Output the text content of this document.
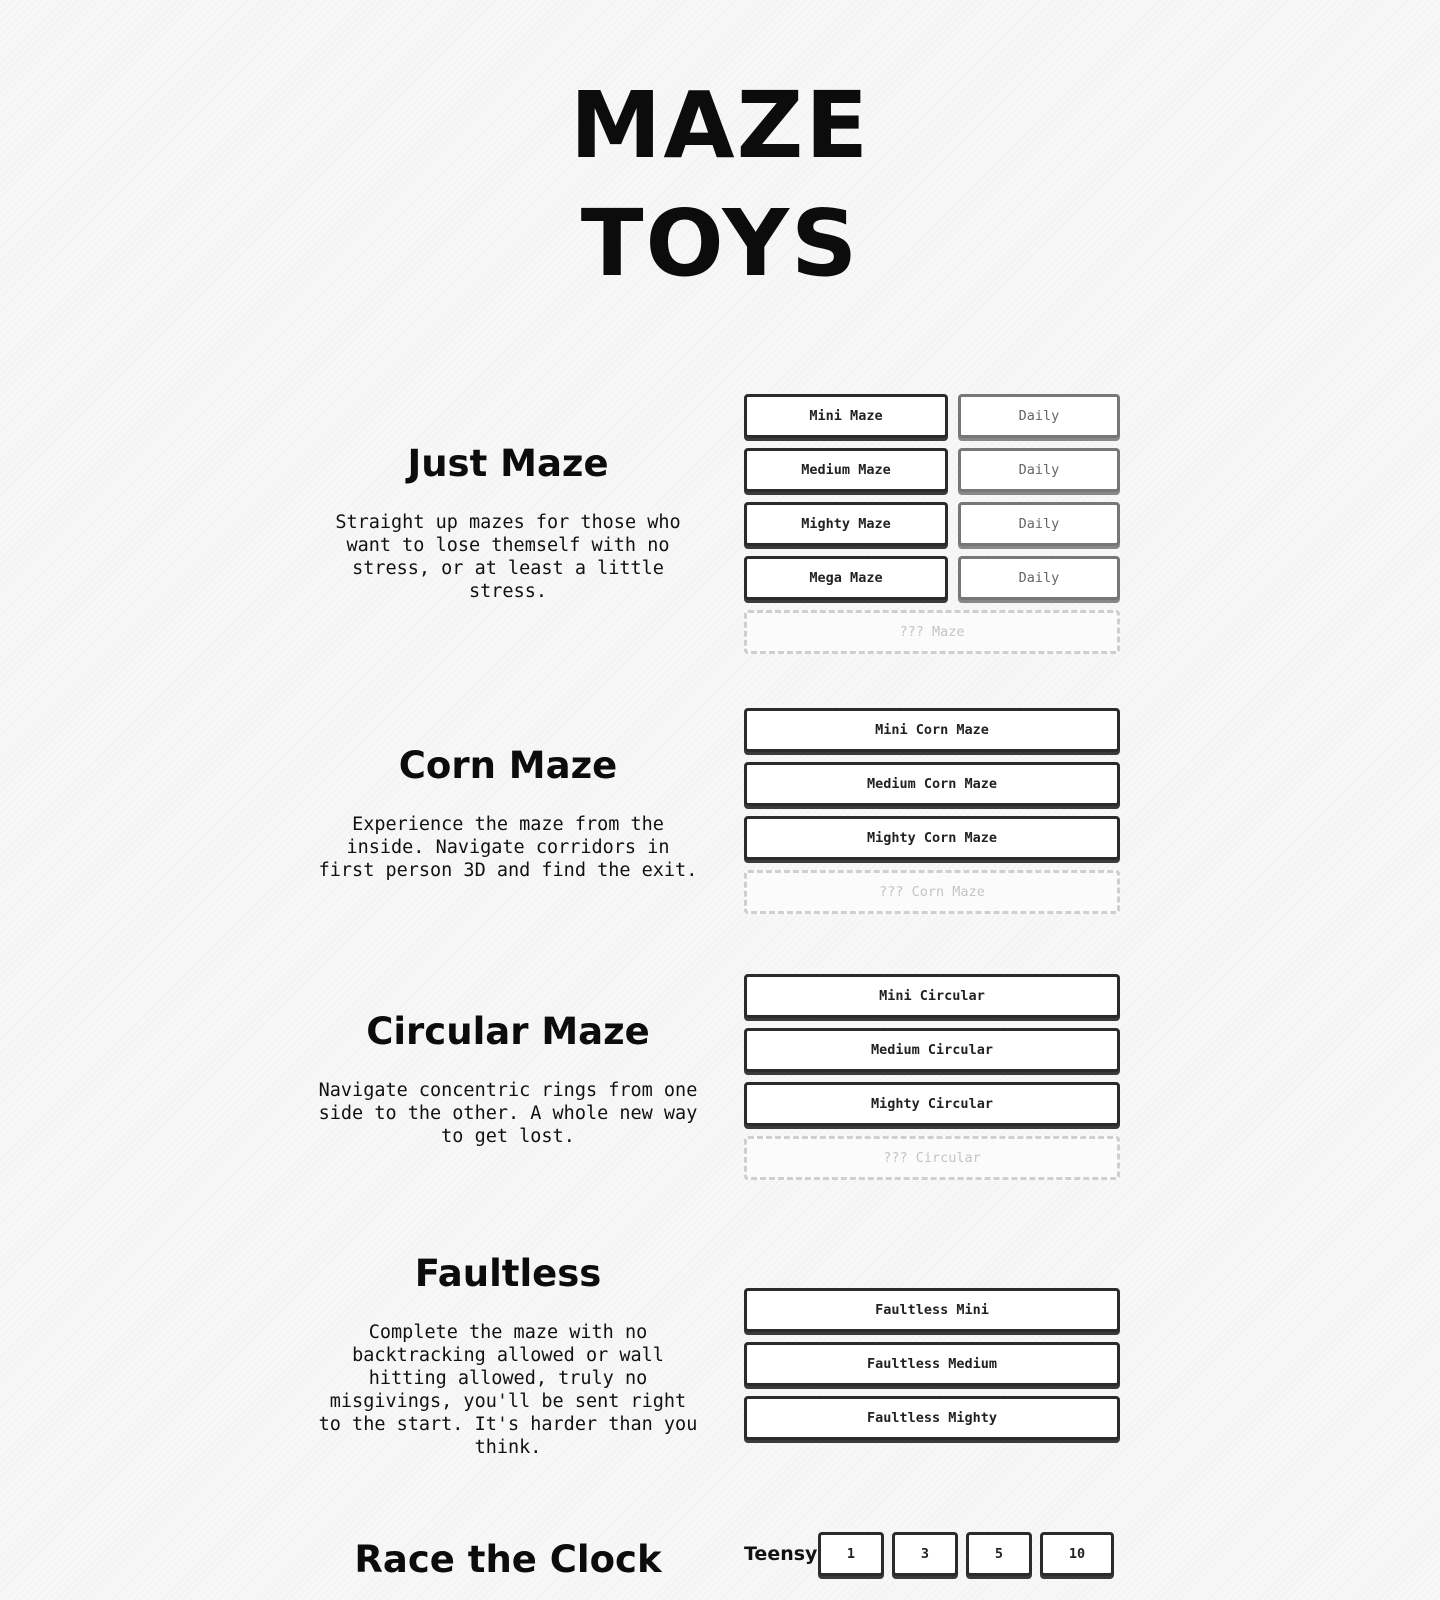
MAZE
TOYS
Just Maze
Straight up mazes for those who want to lose themself with no stress, or at least a little stress.
Mini Maze	Daily
Medium Maze	Daily
Mighty Maze	Daily
Mega Maze	Daily
??? Maze
Corn Maze
Experience the maze from the inside. Navigate corridors in first person 3D and find the exit.
Mini Corn Maze
Medium Corn Maze
Mighty Corn Maze
??? Corn Maze
Circular Maze
Navigate concentric rings from one side to the other. A whole new way to get lost.
Mini Circular
Medium Circular
Mighty Circular
??? Circular
Faultless
Complete the maze with no backtracking allowed or wall hitting allowed, truly no misgivings, you'll be sent right to the start. It's harder than you think.
Faultless Mini
Faultless Medium
Faultless Mighty
Race the Clock	Teensy	1	3	5	10
